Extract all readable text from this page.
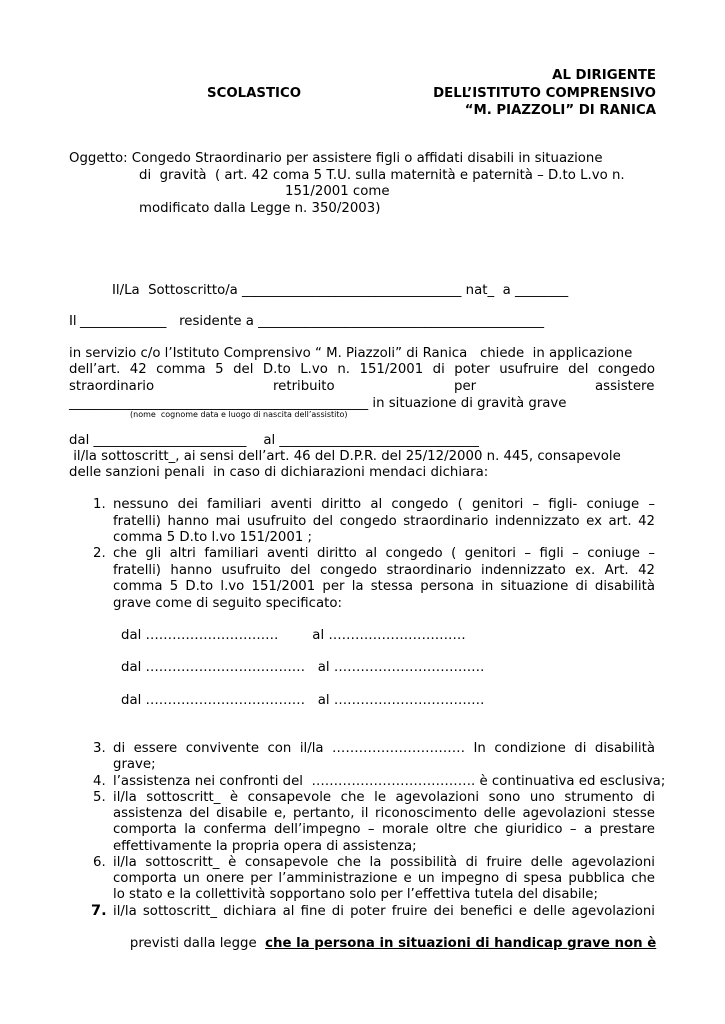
AL DIRIGENTE
SCOLASTICO	DELL’ISTITUTO COMPRENSIVO
“M. PIAZZOLI” DI RANICA
Oggetto: Congedo Straordinario per assistere figli o affidati disabili in situazione
di  gravità  ( art. 42 coma 5 T.U. sulla maternità e paternità – D.to L.vo n.
151/2001 come
modificato dalla Legge n. 350/2003)
Il/La  Sottoscritto/a _________________________________ nat_  a ________
Il _____________   residente a ___________________________________________
in servizio c/o l’Istituto Comprensivo “ M. Piazzoli” di Ranica   chiede  in applicazione
dell’art. 42 comma 5 del D.to L.vo n. 151/2001 di poter usufruire del congedo
straordinario	retribuito	per	assistere
_____________________________________________ in situazione di gravità grave
(nome  cognome data e luogo di nascita dell’assistito)
dal _______________________    al ______________________________
il/la sottoscritt_, ai sensi dell’art. 46 del D.P.R. del 25/12/2000 n. 445, consapevole
delle sanzioni penali  in caso di dichiarazioni mendaci dichiara:
1. nessuno dei familiari aventi diritto al congedo ( genitori – figli- coniuge –
fratelli) hanno mai usufruito del congedo straordinario indennizzato ex art. 42
comma 5 D.to l.vo 151/2001 ;
2. che gli altri familiari aventi diritto al congedo ( genitori – figli – coniuge –
fratelli) hanno usufruito del congedo straordinario indennizzato ex. Art. 42
comma 5 D.to l.vo 151/2001 per la stessa persona in situazione di disabilità
grave come di seguito specificato:
dal …………………………        al ………………………….
dal ………………………………   al …………………………….
dal ………………………………   al …………………………….
3. di essere convivente con il/la ………………………… In condizione di disabilità
grave;
4. l’assistenza nei confronti del  ………………………………. è continuativa ed esclusiva;
5. il/la sottoscritt_ è consapevole che le agevolazioni sono uno strumento di
assistenza del disabile e, pertanto, il riconoscimento delle agevolazioni stesse
comporta la conferma dell’impegno – morale oltre che giuridico – a prestare
effettivamente la propria opera di assistenza;
6. il/la sottoscritt_ è consapevole che la possibilità di fruire delle agevolazioni
comporta un onere per l’amministrazione e un impegno di spesa pubblica che
lo stato e la collettività sopportano solo per l’effettiva tutela del disabile;
7. il/la sottoscritt_ dichiara al fine di poter fruire dei benefici e delle agevolazioni

previsti dalla legge  che la persona in situazioni di handicap grave non è
